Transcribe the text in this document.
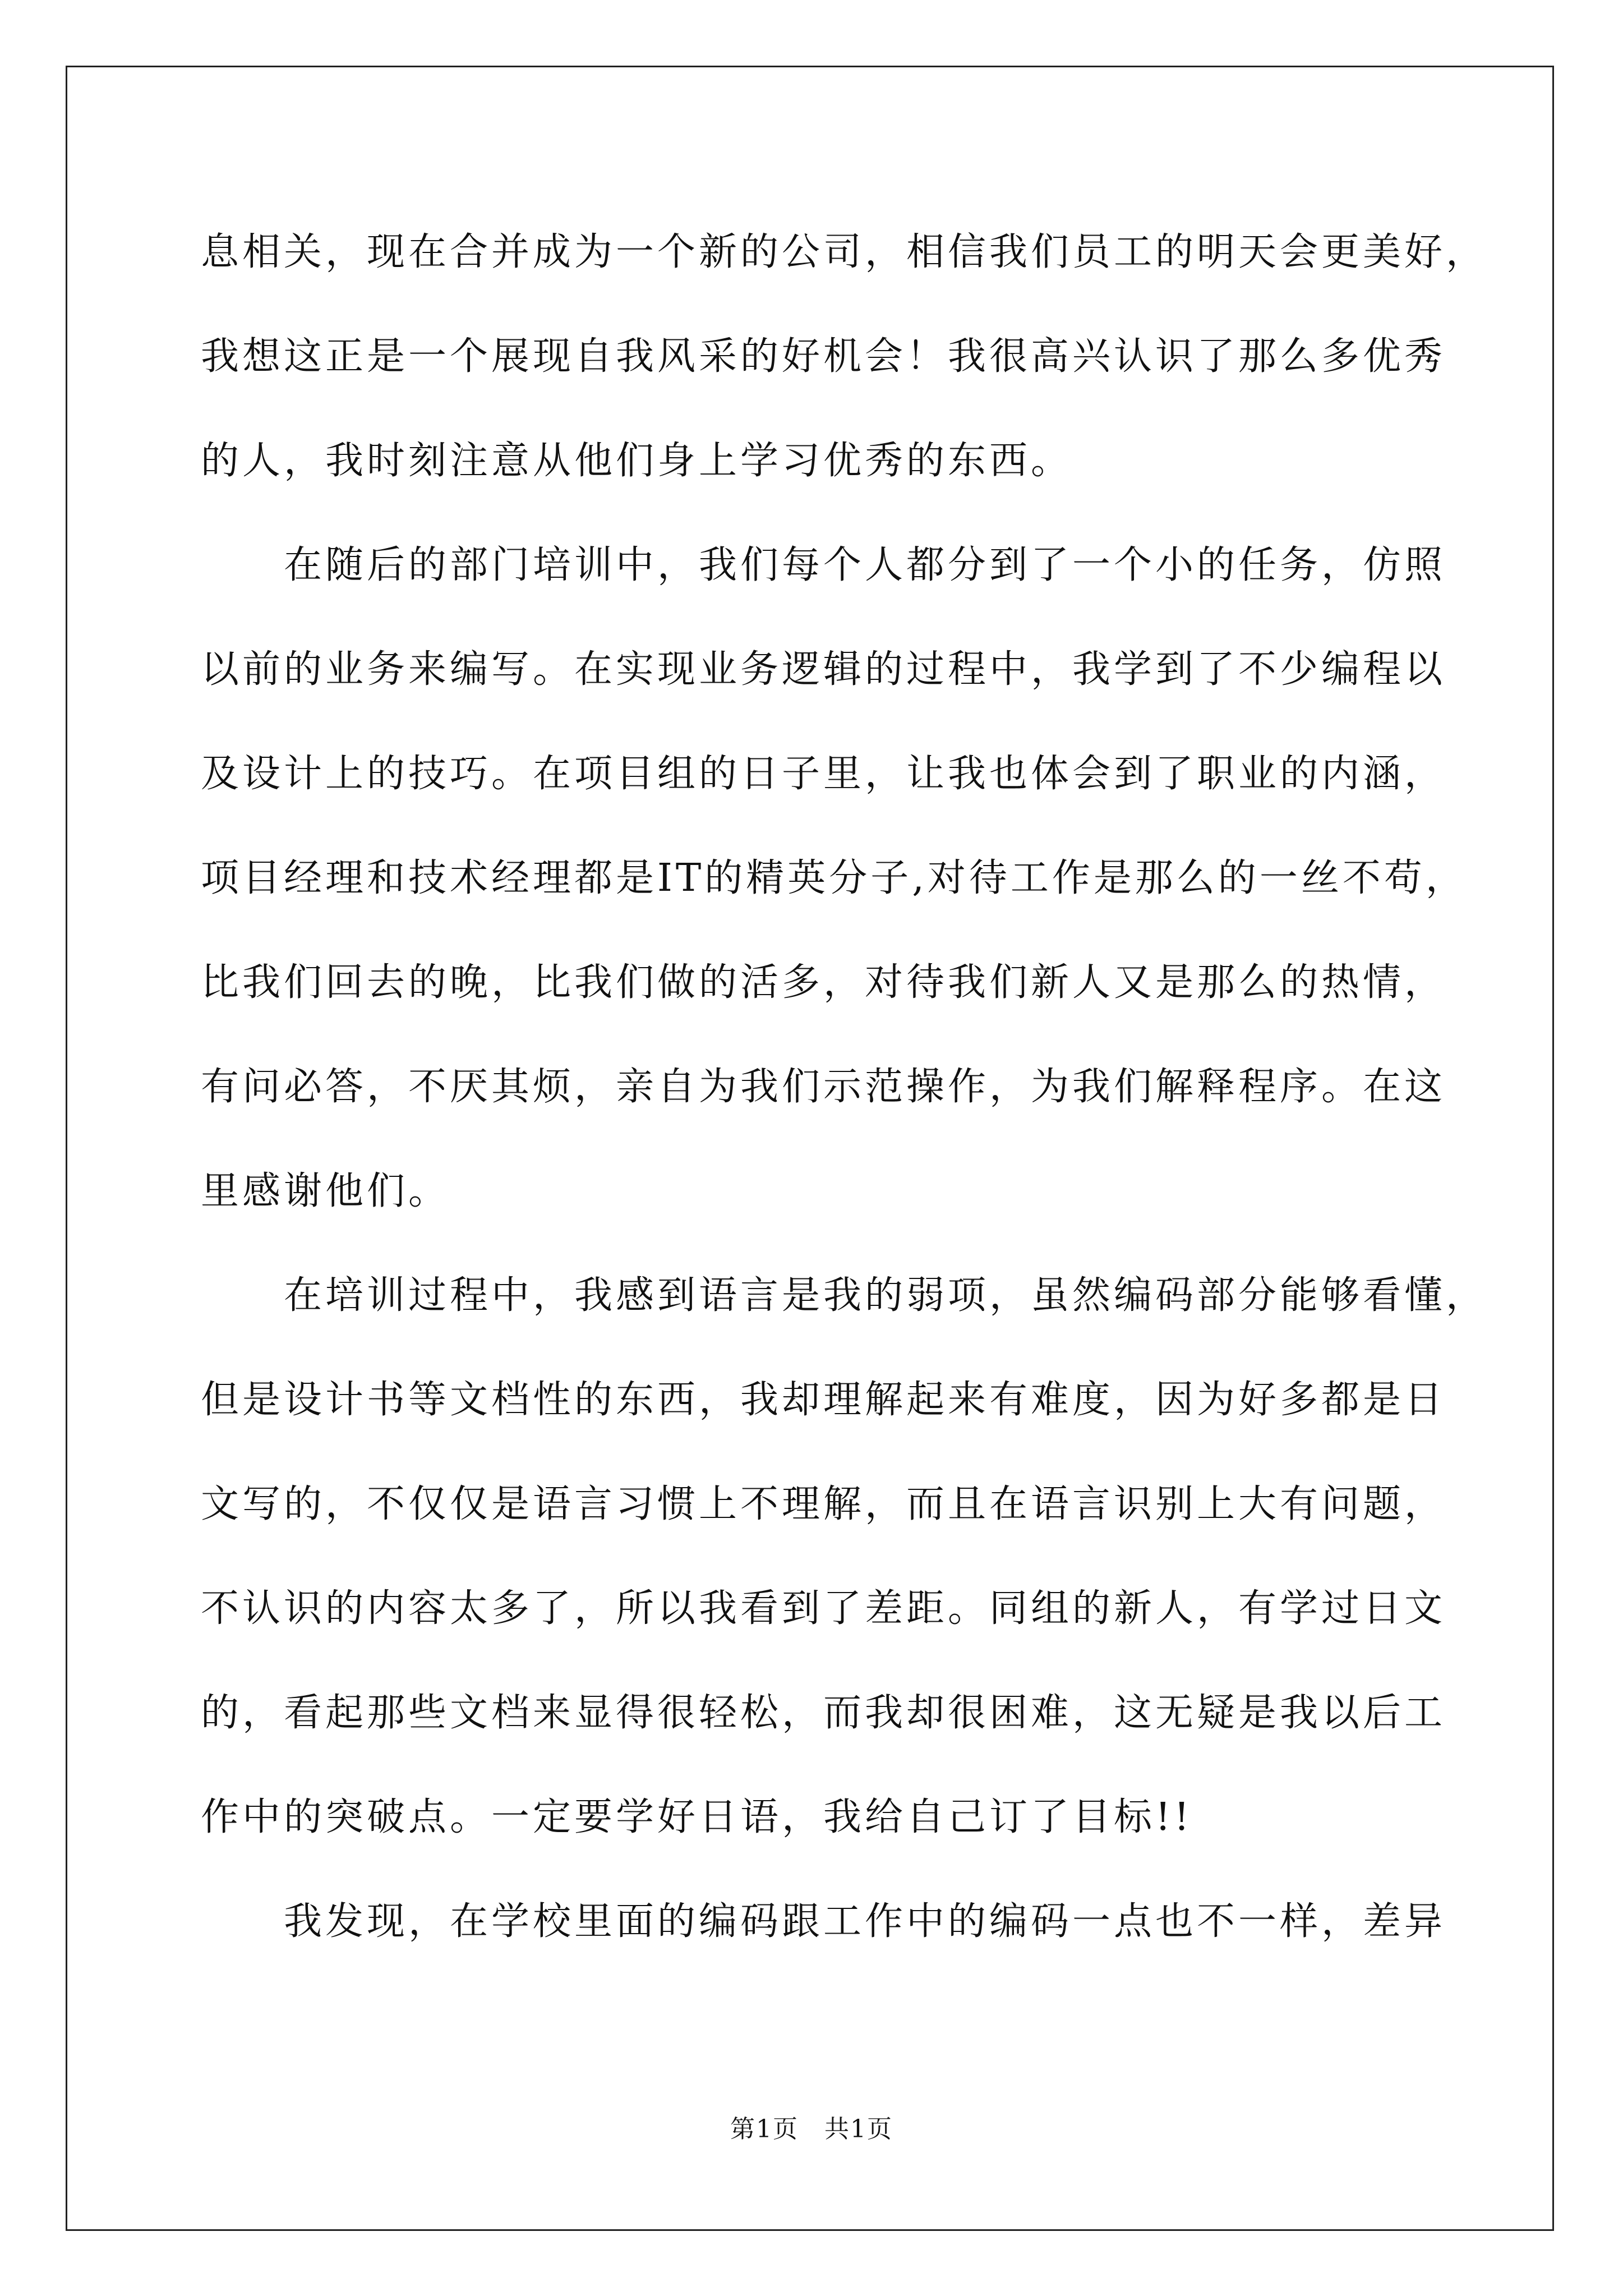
息相关，现在合并成为一个新的公司，相信我们员工的明天会更美好，
我想这正是一个展现自我风采的好机会！我很高兴认识了那么多优秀
的人，我时刻注意从他们身上学习优秀的东西。
　　在随后的部门培训中，我们每个人都分到了一个小的任务，仿照
以前的业务来编写。在实现业务逻辑的过程中，我学到了不少编程以
及设计上的技巧。在项目组的日子里，让我也体会到了职业的内涵，
项目经理和技术经理都是IT的精英分子,对待工作是那么的一丝不苟，
比我们回去的晚，比我们做的活多，对待我们新人又是那么的热情，
有问必答，不厌其烦，亲自为我们示范操作，为我们解释程序。在这
里感谢他们。
　　在培训过程中，我感到语言是我的弱项，虽然编码部分能够看懂，
但是设计书等文档性的东西，我却理解起来有难度，因为好多都是日
文写的，不仅仅是语言习惯上不理解，而且在语言识别上大有问题，
不认识的内容太多了，所以我看到了差距。同组的新人，有学过日文
的，看起那些文档来显得很轻松，而我却很困难，这无疑是我以后工
作中的突破点。一定要学好日语，我给自己订了目标!!
　　我发现，在学校里面的编码跟工作中的编码一点也不一样，差异
第1页　共1页
